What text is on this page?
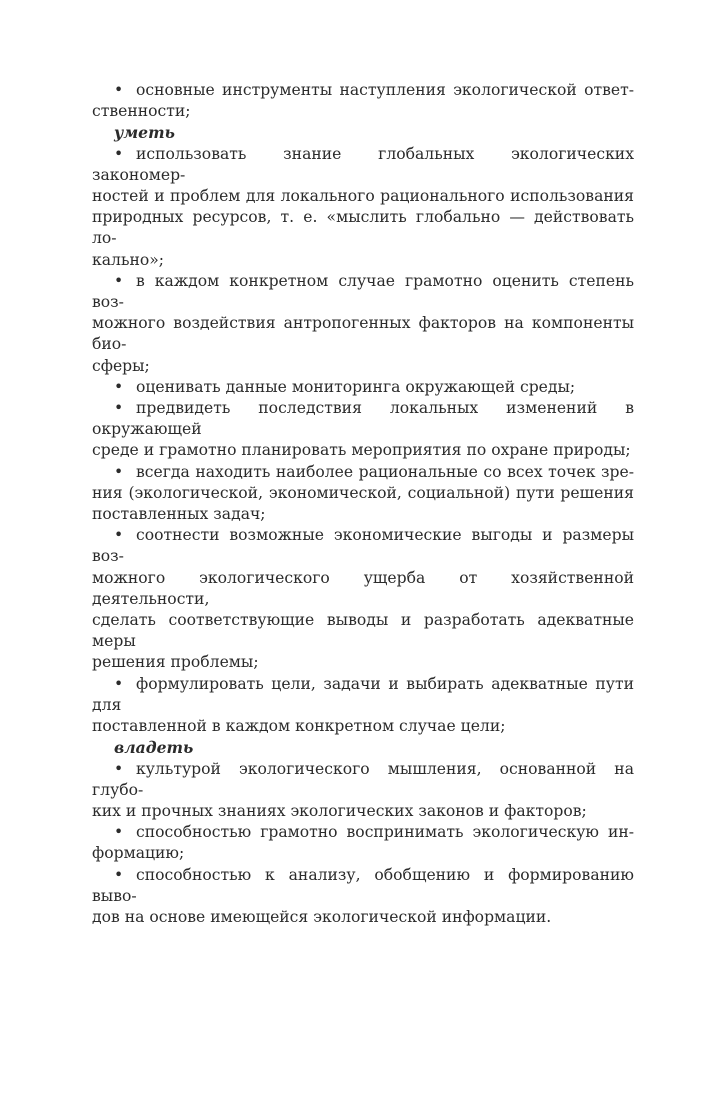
• основные инструменты наступления экологической ответ-
ственности;

уметь

• использовать знание глобальных экологических закономер-
ностей и проблем для локального рационального использования
природных ресурсов, т. е. «мыслить глобально — действовать ло-
кально»;
• в каждом конкретном случае грамотно оценить степень воз-
можного воздействия антропогенных факторов на компоненты био-
сферы;
• оценивать данные мониторинга окружающей среды;
• предвидеть последствия локальных изменений в окружающей
среде и грамотно планировать мероприятия по охране природы;
• всегда находить наиболее рациональные со всех точек зре-
ния (экологической, экономической, социальной) пути решения
поставленных задач;
• соотнести возможные экономические выгоды и размеры воз-
можного экологического ущерба от хозяйственной деятельности,
сделать соответствующие выводы и разработать адекватные меры
решения проблемы;
• формулировать цели, задачи и выбирать адекватные пути для
поставленной в каждом конкретном случае цели;

владеть

• культурой экологического мышления, основанной на глубо-
ких и прочных знаниях экологических законов и факторов;
• способностью грамотно воспринимать экологическую ин-
формацию;
• способностью к анализу, обобщению и формированию выво-
дов на основе имеющейся экологической информации.
